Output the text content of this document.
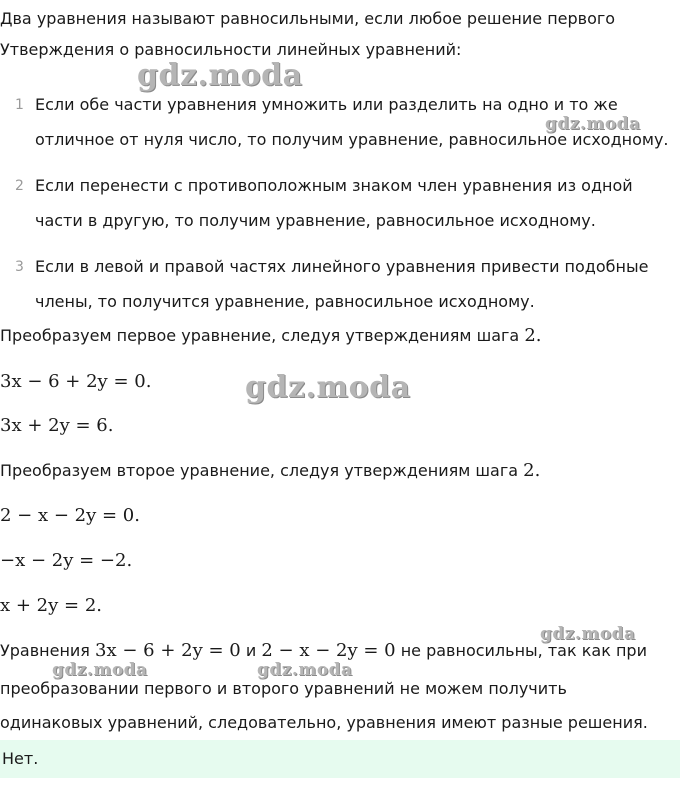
Два уравнения называют равносильными, если любое решение первого
Утверждения о равносильности линейных уравнений:
1 Если обе части уравнения умножить или разделить на одно и то же
отличное от нуля число, то получим уравнение, равносильное исходному.
2 Если перенести с противоположным знаком член уравнения из одной
части в другую, то получим уравнение, равносильное исходному.
3 Если в левой и правой частях линейного уравнения привести подобные
члены, то получится уравнение, равносильное исходному.
Преобразуем первое уравнение, следуя утверждениям шага 2.
3x − 6 + 2y = 0.
3x + 2y = 6.
Преобразуем второе уравнение, следуя утверждениям шага 2.
2 − x − 2y = 0.
−x − 2y = −2.
x + 2y = 2.
Уравнения 3x − 6 + 2y = 0 и 2 − x − 2y = 0 не равносильны, так как при
преобразовании первого и второго уравнений не можем получить
одинаковых уравнений, следовательно, уравнения имеют разные решения.
Нет.
gdz.moda
gdz.moda
gdz.moda
gdz.moda
gdz.moda	gdz.moda
